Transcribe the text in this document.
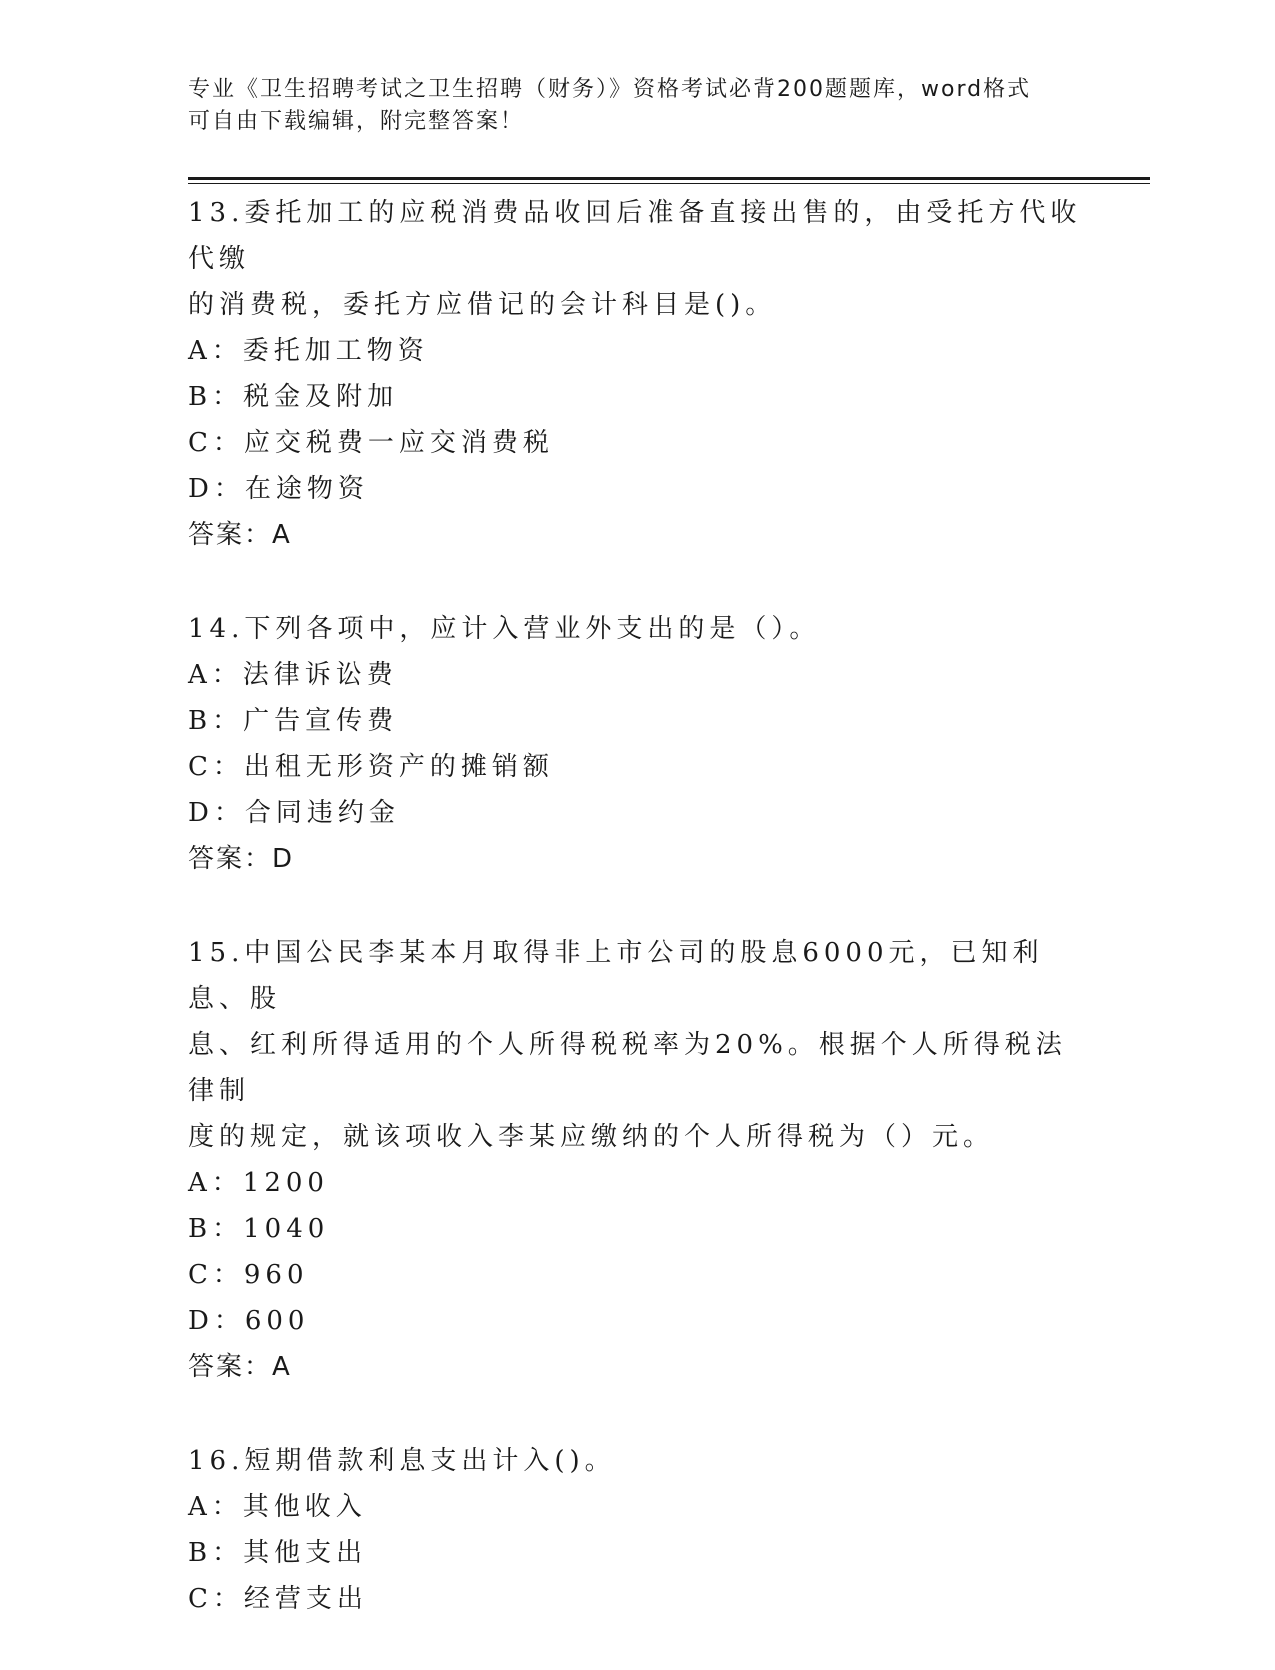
专业《卫生招聘考试之卫生招聘（财务）》资格考试必背200题题库，word格式
可自由下载编辑，附完整答案！
13.委托加工的应税消费品收回后准备直接出售的，由受托方代收代缴
的消费税，委托方应借记的会计科目是()。
A：委托加工物资
B：税金及附加
C：应交税费一应交消费税
D：在途物资
答案：A
14.下列各项中，应计入营业外支出的是（）。
A：法律诉讼费
B：广告宣传费
C：出租无形资产的摊销额
D：合同违约金
答案：D
15.中国公民李某本月取得非上市公司的股息6000元，已知利息、股
息、红利所得适用的个人所得税税率为20%。根据个人所得税法律制
度的规定，就该项收入李某应缴纳的个人所得税为（）元。
A：1200
B：1040
C：960
D：600
答案：A
16.短期借款利息支出计入()。
A：其他收入
B：其他支出
C：经营支出
